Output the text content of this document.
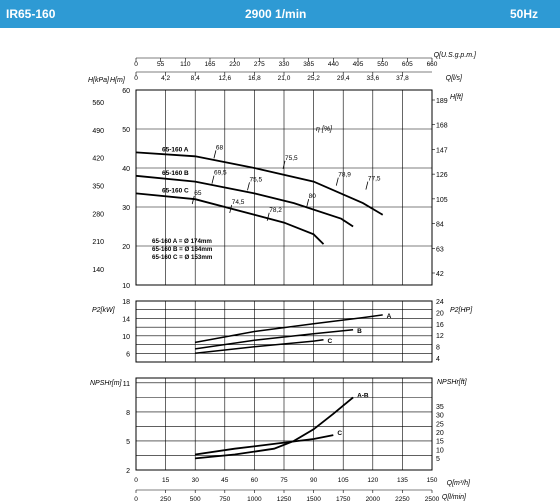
IR65-160	2900 1/min	50Hz
0	55 110 165 220 275 330 385 440 495 550 605 660
Q[U.S.g.p.m.]
0	4,2	8,4	12,6	16,8	21,0	25,2	29,4	33,6	37,8	Q[l/s]
10
20
30
40
50
60
140
210
280
350
420
490
560
42
63
84
105
126
147
168
189
H[kPa] H[m]
H[ft]
η [%]
65-160 A
65-160 B
65-160 C
68
75,5
78,9
77,5
69,5
75,5
80
65
74,5
78,2
65-160 A = Ø 174mm
65-160 B = Ø 164mm
65-160 C = Ø 153mm
6
10
14
18
4
8
12
16
20
24
P2[kW]	P2[HP]
A
B
C
2
5
8
11
5
10
15
20
25
30
35
NPSHr[m]	NPSHr[ft]
A-B
C
0	15	30	45	60	75	90	105	120	135	150 Q[m³/h]
0	250	500	750	1000 1250 1500 1750 2000 2250 2500 Q[l/min]
